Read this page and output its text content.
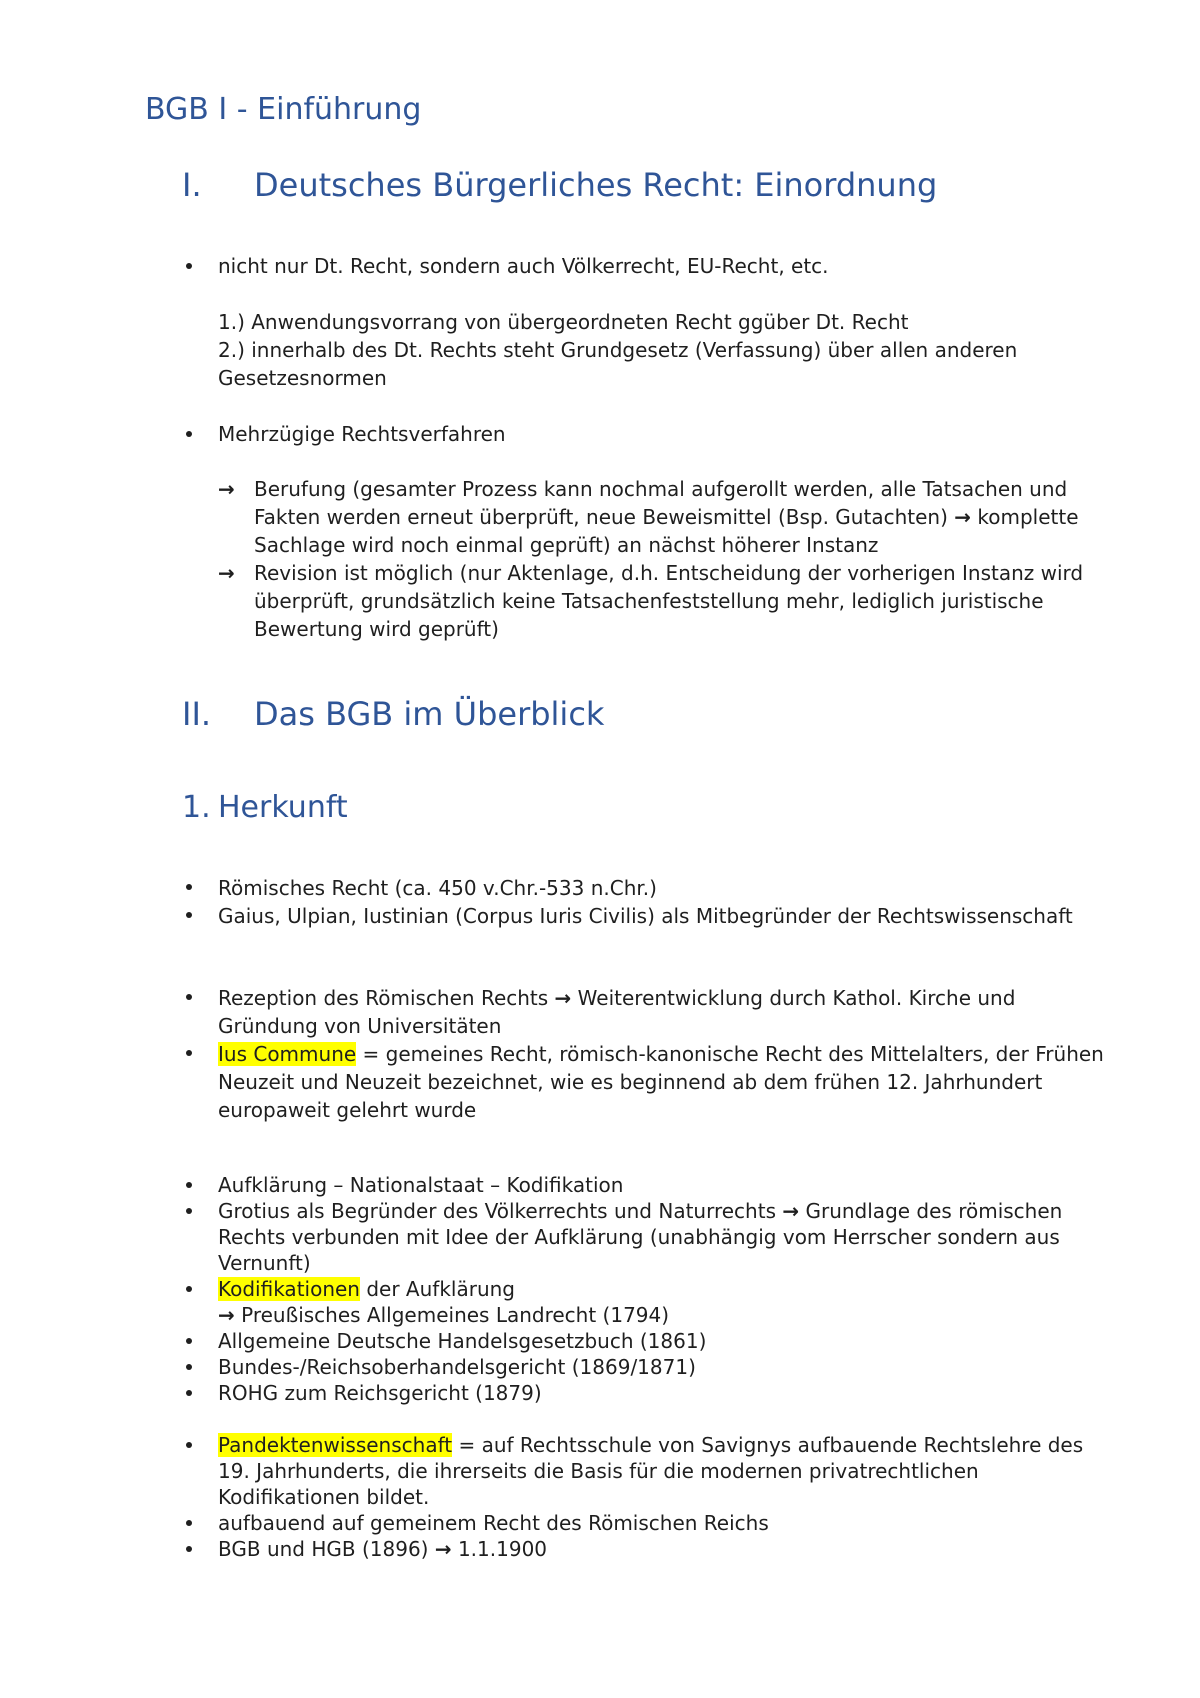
BGB I - Einführung
I. Deutsches Bürgerliches Recht: Einordnung
nicht nur Dt. Recht, sondern auch Völkerrecht, EU-Recht, etc.
1.) Anwendungsvorrang von übergeordneten Recht ggüber Dt. Recht
2.) innerhalb des Dt. Rechts steht Grundgesetz (Verfassung) über allen anderen Gesetzesnormen
Mehrzügige Rechtsverfahren
→ Berufung (gesamter Prozess kann nochmal aufgerollt werden, alle Tatsachen und Fakten werden erneut überprüft, neue Beweismittel (Bsp. Gutachten) → komplette Sachlage wird noch einmal geprüft) an nächst höherer Instanz
→ Revision ist möglich (nur Aktenlage, d.h. Entscheidung der vorherigen Instanz wird überprüft, grundsätzlich keine Tatsachenfeststellung mehr, lediglich juristische Bewertung wird geprüft)
II. Das BGB im Überblick
1. Herkunft
Römisches Recht (ca. 450 v.Chr.-533 n.Chr.)
Gaius, Ulpian, Iustinian (Corpus Iuris Civilis) als Mitbegründer der Rechtswissenschaft
Rezeption des Römischen Rechts → Weiterentwicklung durch Kathol. Kirche und Gründung von Universitäten
Ius Commune = gemeines Recht, römisch-kanonische Recht des Mittelalters, der Frühen Neuzeit und Neuzeit bezeichnet, wie es beginnend ab dem frühen 12. Jahrhundert europaweit gelehrt wurde
Aufklärung – Nationalstaat – Kodifikation
Grotius als Begründer des Völkerrechts und Naturrechts → Grundlage des römischen Rechts verbunden mit Idee der Aufklärung (unabhängig vom Herrscher sondern aus Vernunft)
Kodifikationen der Aufklärung
→ Preußisches Allgemeines Landrecht (1794)
Allgemeine Deutsche Handelsgesetzbuch (1861)
Bundes-/Reichsoberhandelsgericht (1869/1871)
ROHG zum Reichsgericht (1879)
Pandektenwissenschaft = auf Rechtsschule von Savignys aufbauende Rechtslehre des 19. Jahrhunderts, die ihrerseits die Basis für die modernen privatrechtlichen Kodifikationen bildet.
aufbauend auf gemeinem Recht des Römischen Reichs
BGB und HGB (1896) → 1.1.1900
